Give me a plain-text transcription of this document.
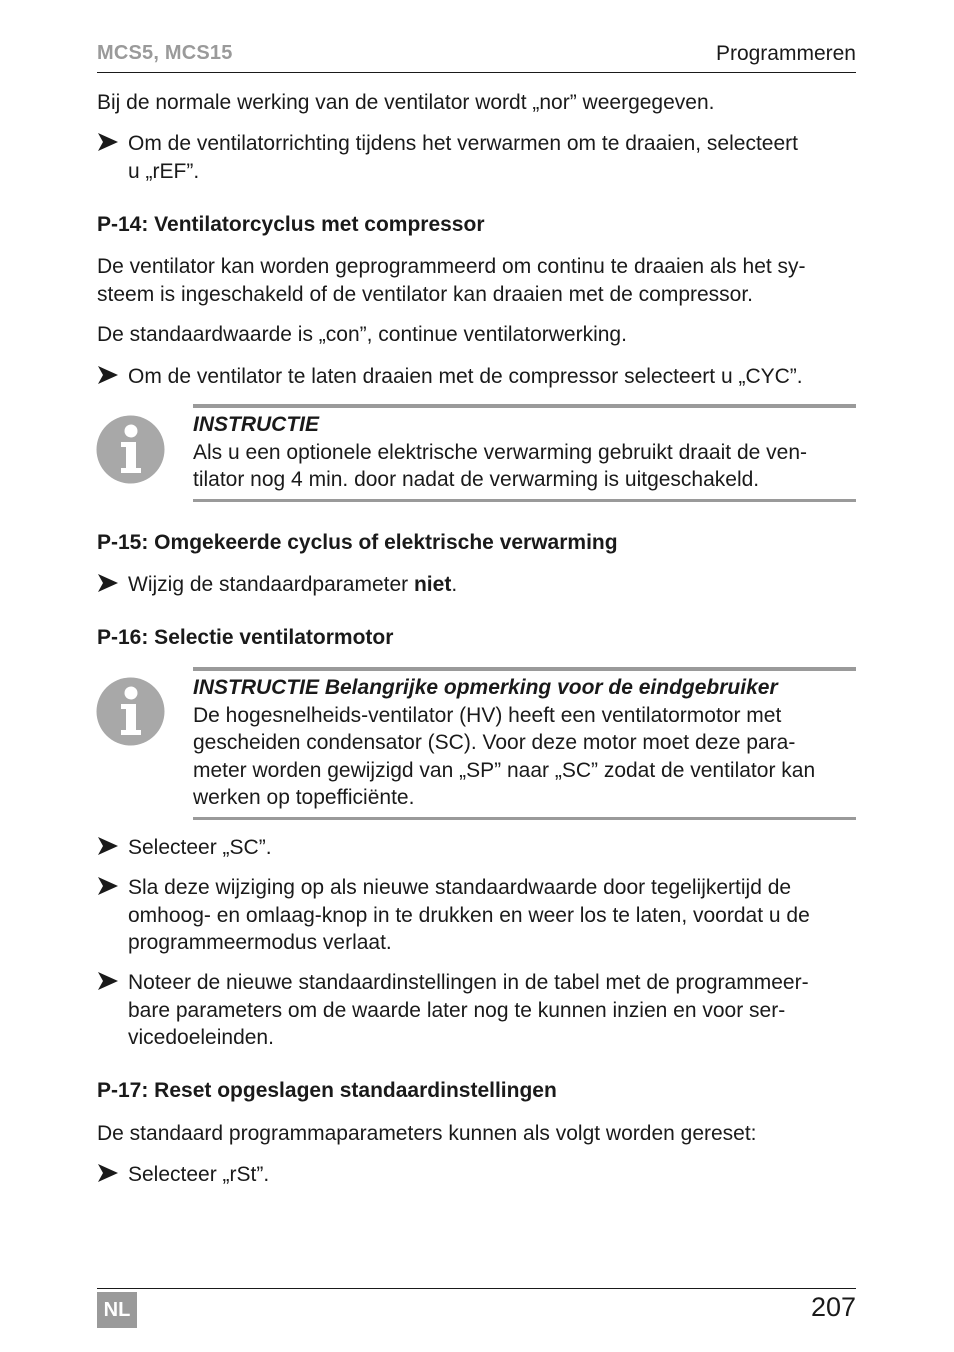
MCS5, MCS15	Programmeren
Bij de normale werking van de ventilator wordt „nor” weergegeven.
Om de ventilatorrichting tijdens het verwarmen om te draaien, selecteert
u „rEF”.
P-14: Ventilatorcyclus met compressor
De ventilator kan worden geprogrammeerd om continu te draaien als het sy-
steem is ingeschakeld of de ventilator kan draaien met de compressor.
De standaardwaarde is „con”, continue ventilatorwerking.
Om de ventilator te laten draaien met de compressor selecteert u „CYC”.
INSTRUCTIE
Als u een optionele elektrische verwarming gebruikt draait de ven-
tilator nog 4 min. door nadat de verwarming is uitgeschakeld.
P-15: Omgekeerde cyclus of elektrische verwarming
Wijzig de standaardparameter niet.
P-16: Selectie ventilatormotor
INSTRUCTIE Belangrijke opmerking voor de eindgebruiker
De hogesnelheids-ventilator (HV) heeft een ventilatormotor met
gescheiden condensator (SC). Voor deze motor moet deze para-
meter worden gewijzigd van „SP” naar „SC” zodat de ventilator kan
werken op topefficiënte.
Selecteer „SC”.
Sla deze wijziging op als nieuwe standaardwaarde door tegelijkertijd de
omhoog- en omlaag-knop in te drukken en weer los te laten, voordat u de
programmeermodus verlaat.
Noteer de nieuwe standaardinstellingen in de tabel met de programmeer-
bare parameters om de waarde later nog te kunnen inzien en voor ser-
vicedoeleinden.
P-17: Reset opgeslagen standaardinstellingen
De standaard programmaparameters kunnen als volgt worden gereset:
Selecteer „rSt”.
NL	207
